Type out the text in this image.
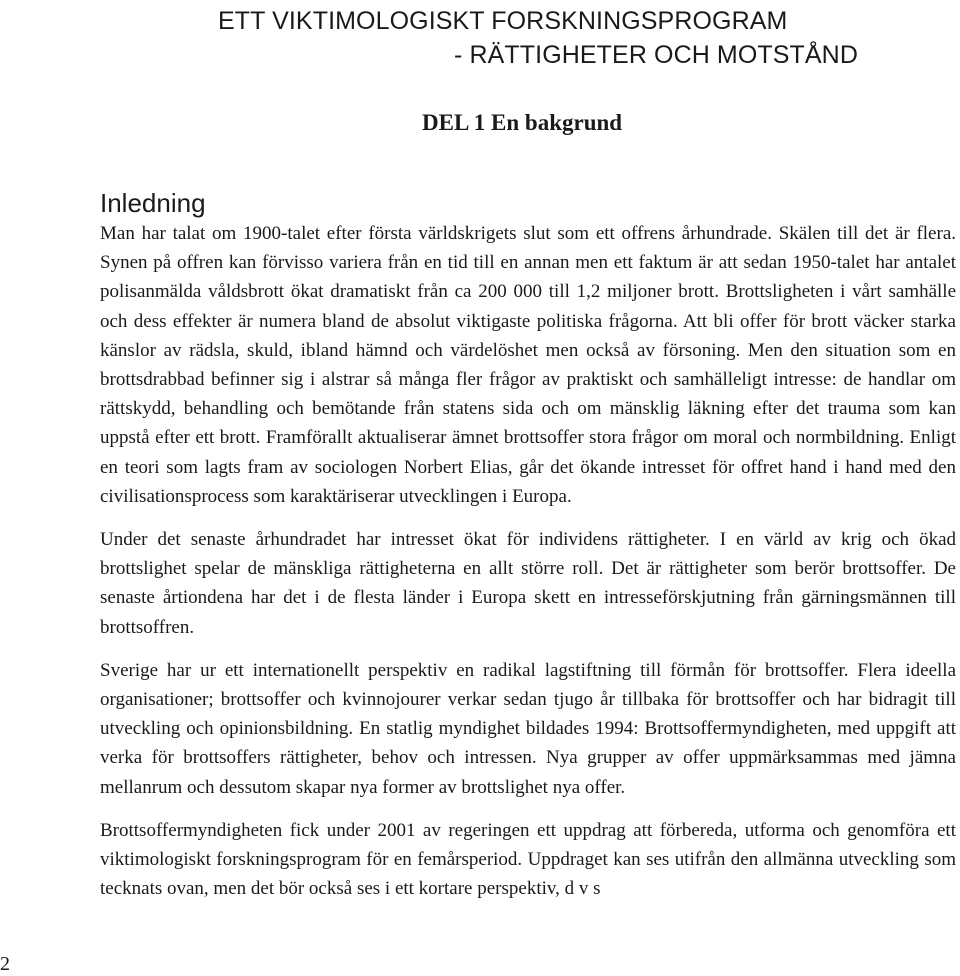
ETT VIKTIMOLOGISKT FORSKNINGSPROGRAM
- RÄTTIGHETER OCH MOTSTÅND
DEL 1 En bakgrund
Inledning

Man har talat om 1900-talet efter första världskrigets slut som ett offrens århundrade. Skälen till det är flera. Synen på offren kan förvisso variera från en tid till en annan men ett faktum är att sedan 1950-talet har antalet polisanmälda våldsbrott ökat dramatiskt från ca 200 000 till 1,2 miljoner brott. Brottsligheten i vårt samhälle och dess effekter är numera bland de absolut viktigaste politiska frågorna. Att bli offer för brott väcker starka känslor av rädsla, skuld, ibland hämnd och värdelöshet men också av försoning. Men den situation som en brottsdrabbad befinner sig i alstrar så många fler frågor av praktiskt och samhälleligt intresse: de handlar om rättskydd, behandling och bemötande från statens sida och om mänsklig läkning efter det trauma som kan uppstå efter ett brott. Framförallt aktualiserar ämnet brottsoffer stora frågor om moral och normbildning. Enligt en teori som lagts fram av sociologen Norbert Elias, går det ökande intresset för offret hand i hand med den civilisationsprocess som karaktäriserar utvecklingen i Europa.

Under det senaste århundradet har intresset ökat för individens rättigheter. I en värld av krig och ökad brottslighet spelar de mänskliga rättigheterna en allt större roll. Det är rättigheter som berör brottsoffer. De senaste årtiondena har det i de flesta länder i Europa skett en intresseförskjutning från gärningsmännen till brottsoffren.

Sverige har ur ett internationellt perspektiv en radikal lagstiftning till förmån för brottsoffer. Flera ideella organisationer; brottsoffer och kvinnojourer verkar sedan tjugo år tillbaka för brottsoffer och har bidragit till utveckling och opinionsbildning. En statlig myndighet bildades 1994: Brottsoffermyndigheten, med uppgift att verka för brottsoffers rättigheter, behov och intressen. Nya grupper av offer uppmärksammas med jämna mellanrum och dessutom skapar nya former av brottslighet nya offer.

Brottsoffermyndigheten fick under 2001 av regeringen ett uppdrag att förbereda, utforma och genomföra ett viktimologiskt forskningsprogram för en femårsperiod. Uppdraget kan ses utifrån den allmänna utveckling som tecknats ovan, men det bör också ses i ett kortare perspektiv, d v s

2
